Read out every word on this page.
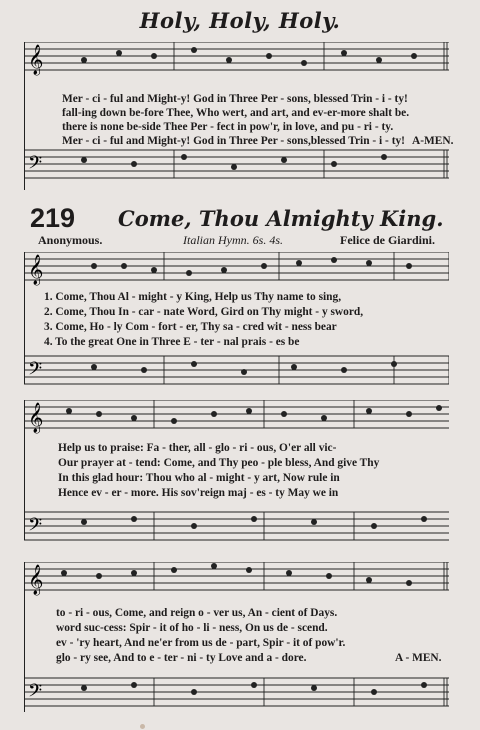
Holy, Holy, Holy.
𝄞
𝄢
Mer - ci - ful and Might-y! God in Three Per - sons, blessed Trin - i - ty!
fall-ing down be-fore Thee, Who wert, and art, and ev-er-more shalt be.
there is none be-side Thee Per - fect in pow'r, in love, and pu - ri - ty.
Mer - ci - ful and Might-y! God in Three Per - sons,blessed Trin - i - ty! A-MEN.
219 Come, Thou Almighty King.
Anonymous.	Italian Hymn. 6s. 4s.	Felice de Giardini.
𝄞
𝄢
1. Come, Thou Al - might - y King, Help us Thy name to sing,
2. Come, Thou In - car - nate Word, Gird on Thy might - y sword,
3. Come, Ho - ly Com - fort - er, Thy sa - cred wit - ness bear
4. To the great One in Three E - ter - nal prais - es be
𝄞
𝄢
Help us to praise: Fa - ther, all - glo - ri - ous, O'er all vic-
Our prayer at - tend: Come, and Thy peo - ple bless, And give Thy
In this glad hour: Thou who al - might - y art, Now rule in
Hence ev - er - more. His sov'reign maj - es - ty May we in
𝄞
𝄢
to - ri - ous, Come, and reign o - ver us, An - cient of Days.
word suc-cess: Spir - it of ho - li - ness, On us de - scend.
ev - 'ry heart, And ne'er from us de - part, Spir - it of pow'r.
glo - ry see, And to e - ter - ni - ty Love and a - dore.	A - MEN.
